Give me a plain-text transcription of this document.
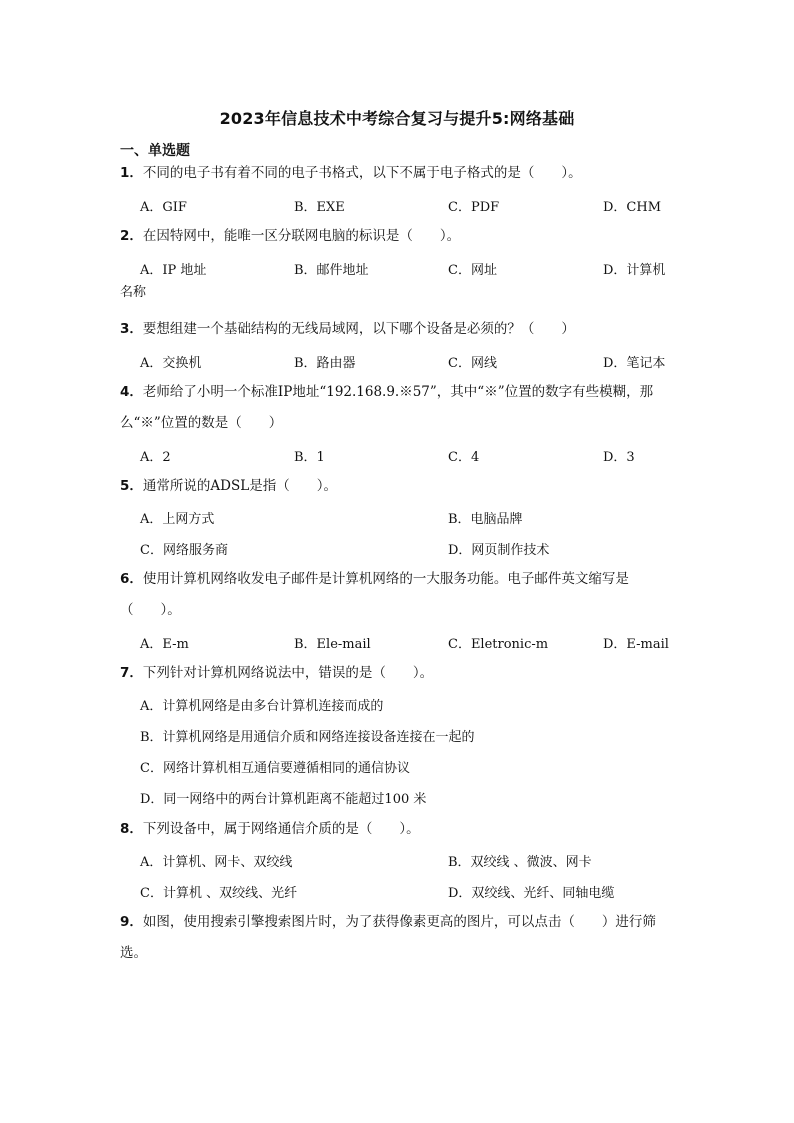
2023年信息技术中考综合复习与提升5:网络基础
一、单选题
1．不同的电子书有着不同的电子书格式，以下不属于电子格式的是（　　）。
A．GIF	B．EXE	C．PDF	D．CHM
2．在因特网中，能唯一区分联网电脑的标识是（　　）。
A．IP 地址	B．邮件地址	C．网址	D．计算机
名称
3．要想组建一个基础结构的无线局域网，以下哪个设备是必须的？（　　）
A．交换机	B．路由器	C．网线	D．笔记本
4．老师给了小明一个标准IP地址“192.168.9.※57”，其中“※”位置的数字有些模糊，那么“※”位置的数是（　　）
A．2	B．1	C．4	D．3
5．通常所说的ADSL是指（　　）。
A．上网方式	B．电脑品牌
C．网络服务商	D．网页制作技术
6．使用计算机网络收发电子邮件是计算机网络的一大服务功能。电子邮件英文缩写是（　　）。
A．E-m	B．Ele-mail	C．Eletronic-m	D．E-mail
7．下列针对计算机网络说法中，错误的是（　　）。
A．计算机网络是由多台计算机连接而成的
B．计算机网络是用通信介质和网络连接设备连接在一起的
C．网络计算机相互通信要遵循相同的通信协议
D．同一网络中的两台计算机距离不能超过100 米
8．下列设备中，属于网络通信介质的是（　　）。
A．计算机、网卡、双绞线	B．双绞线 、微波、网卡
C．计算机 、双绞线、光纤	D．双绞线、光纤、同轴电缆
9．如图，使用搜索引擎搜索图片时，为了获得像素更高的图片，可以点击（　　）进行筛选。
